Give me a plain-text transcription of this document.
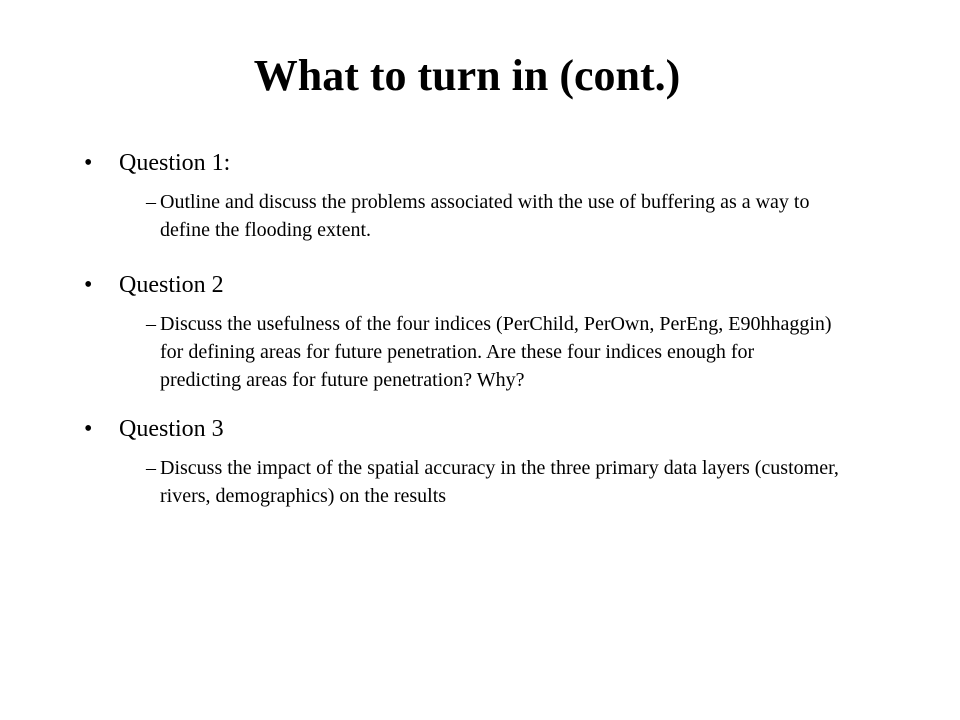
What to turn in (cont.)
• Question 1:
– Outline and discuss the problems associated with the use of buffering as a way to define the flooding extent.
• Question 2
– Discuss the usefulness of the four indices (PerChild, PerOwn, PerEng, E90hhaggin) for defining areas for future penetration. Are these four indices enough for predicting areas for future penetration? Why?
• Question 3
– Discuss the impact of the spatial accuracy in the three primary data layers (customer, rivers, demographics) on the results
